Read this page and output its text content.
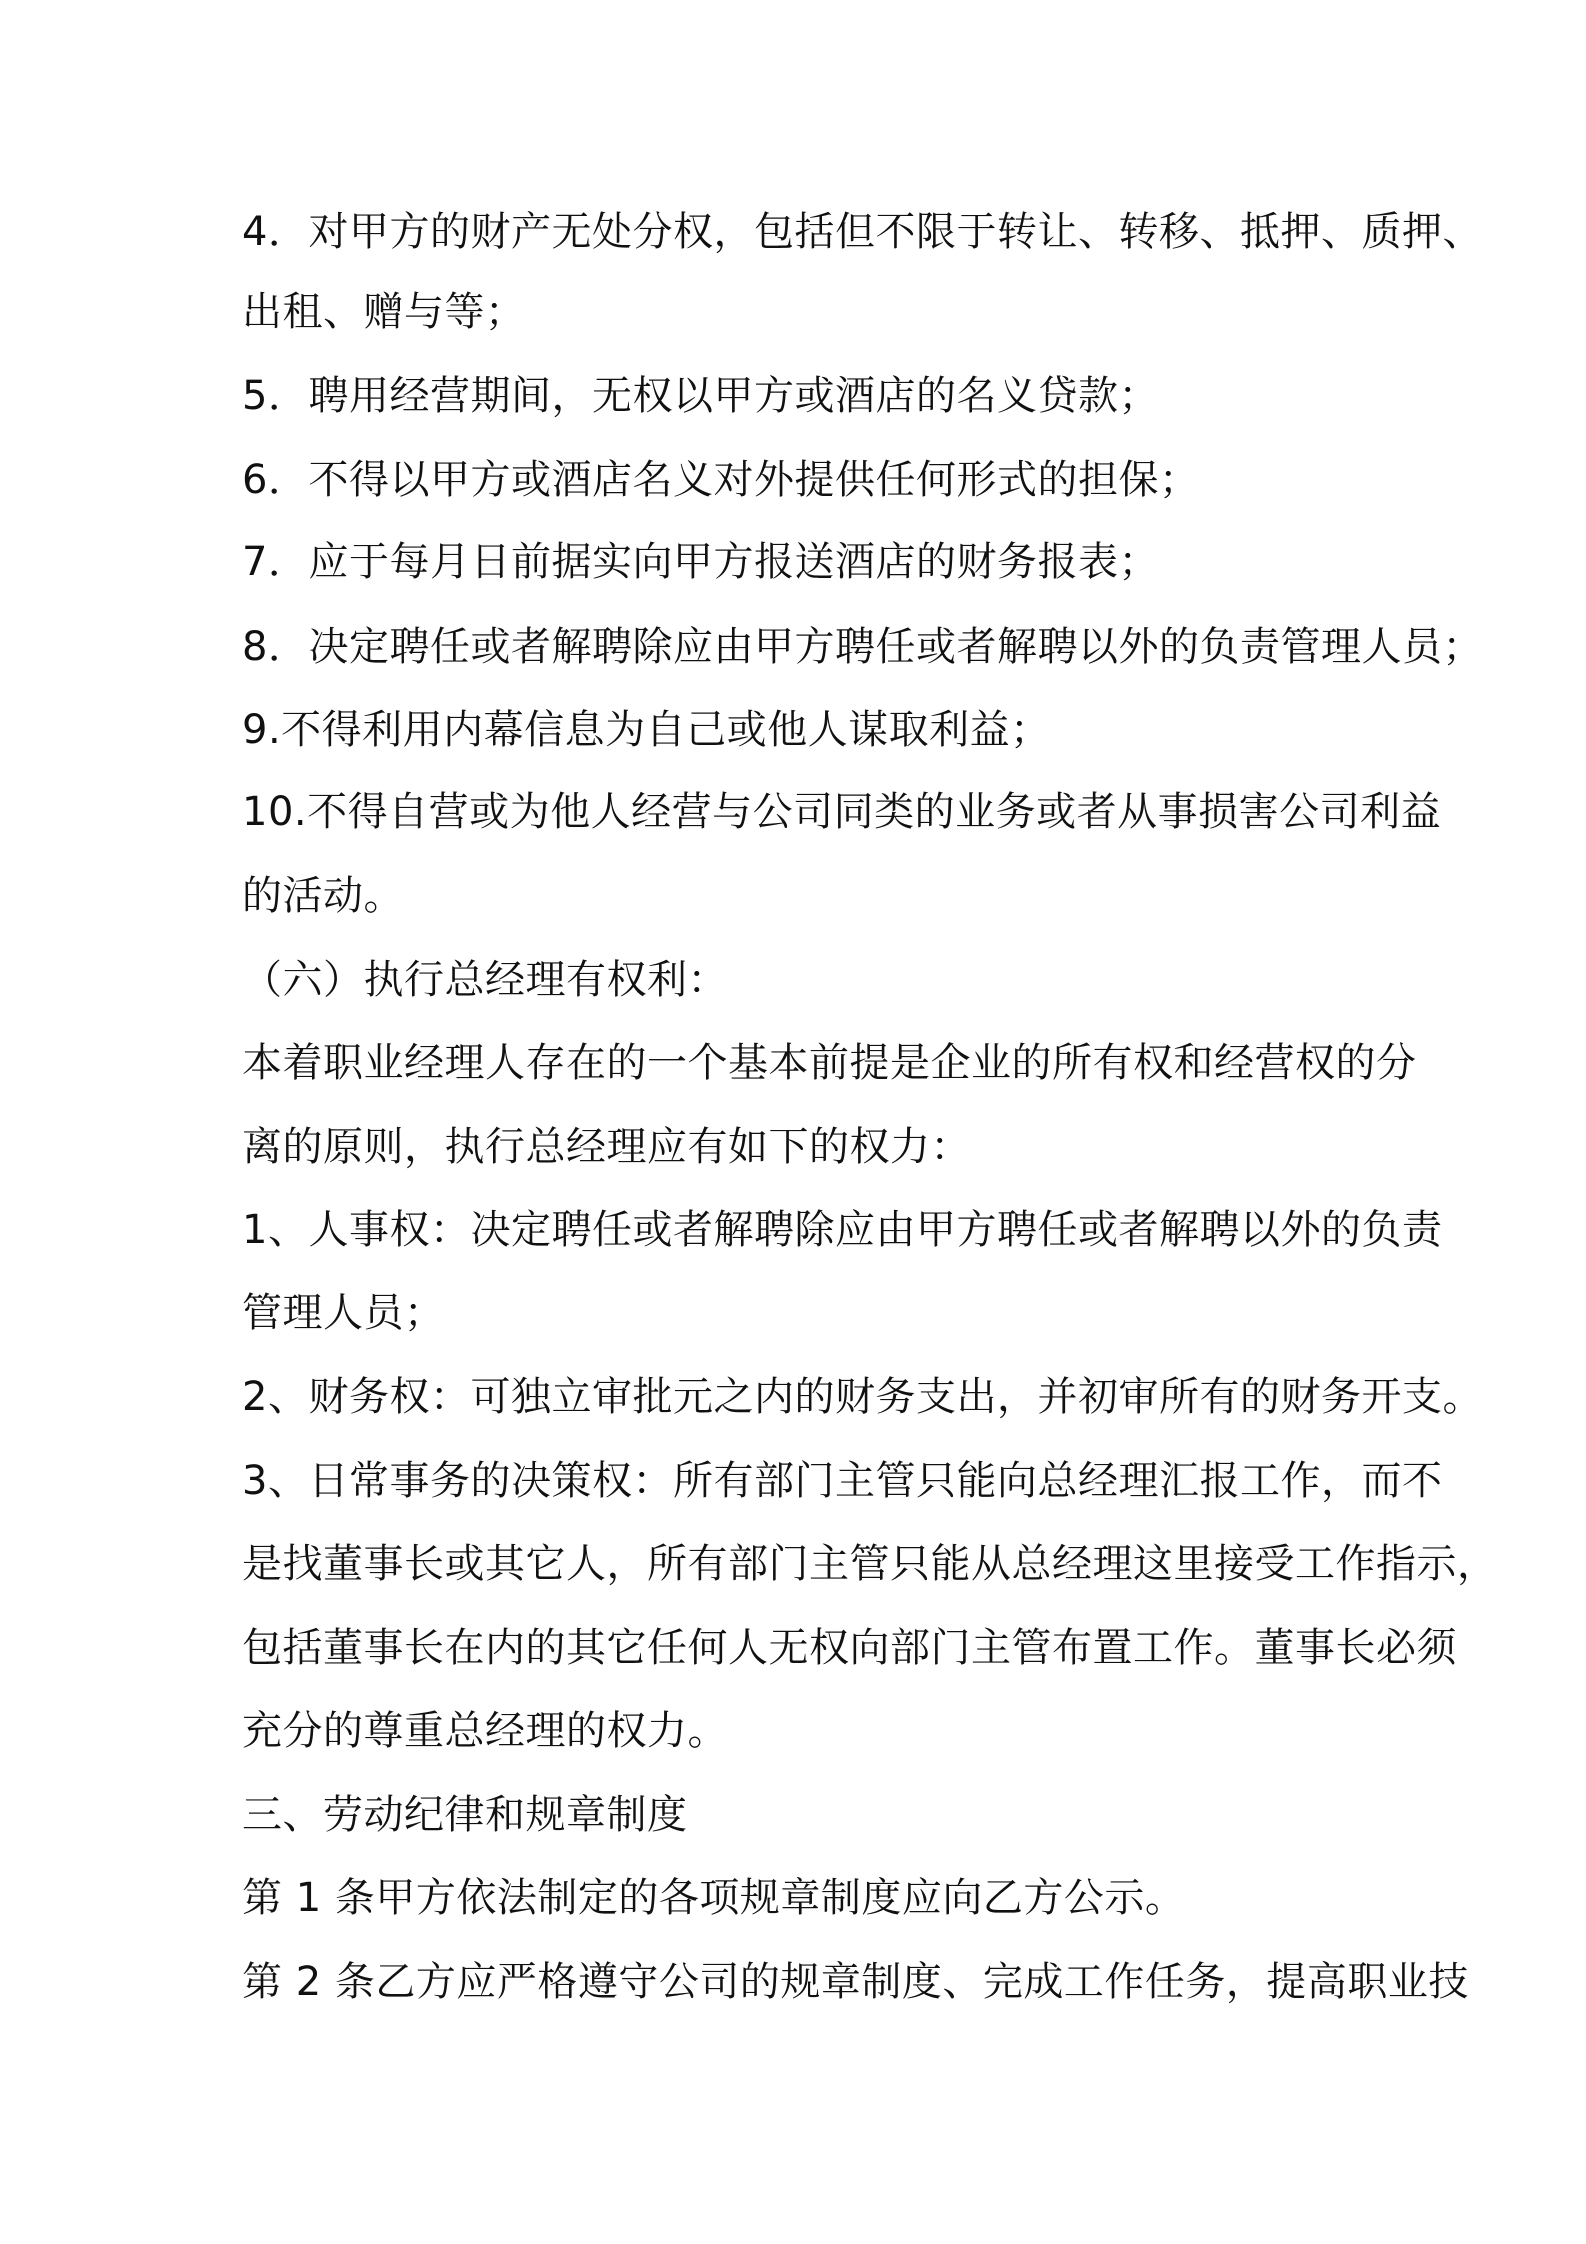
4．对甲方的财产无处分权，包括但不限于转让、转移、抵押、质押、
出租、赠与等；
5．聘用经营期间，无权以甲方或酒店的名义贷款；
6．不得以甲方或酒店名义对外提供任何形式的担保；
7．应于每月日前据实向甲方报送酒店的财务报表；
8．决定聘任或者解聘除应由甲方聘任或者解聘以外的负责管理人员；
9.不得利用内幕信息为自己或他人谋取利益；
10.不得自营或为他人经营与公司同类的业务或者从事损害公司利益
的活动。
（六）执行总经理有权利：
本着职业经理人存在的一个基本前提是企业的所有权和经营权的分
离的原则，执行总经理应有如下的权力：
1、人事权：决定聘任或者解聘除应由甲方聘任或者解聘以外的负责
管理人员；
2、财务权：可独立审批元之内的财务支出，并初审所有的财务开支。
3、日常事务的决策权：所有部门主管只能向总经理汇报工作，而不
是找董事长或其它人，所有部门主管只能从总经理这里接受工作指示，
包括董事长在内的其它任何人无权向部门主管布置工作。董事长必须
充分的尊重总经理的权力。
三、劳动纪律和规章制度
第 1 条甲方依法制定的各项规章制度应向乙方公示。
第 2 条乙方应严格遵守公司的规章制度、完成工作任务，提高职业技
